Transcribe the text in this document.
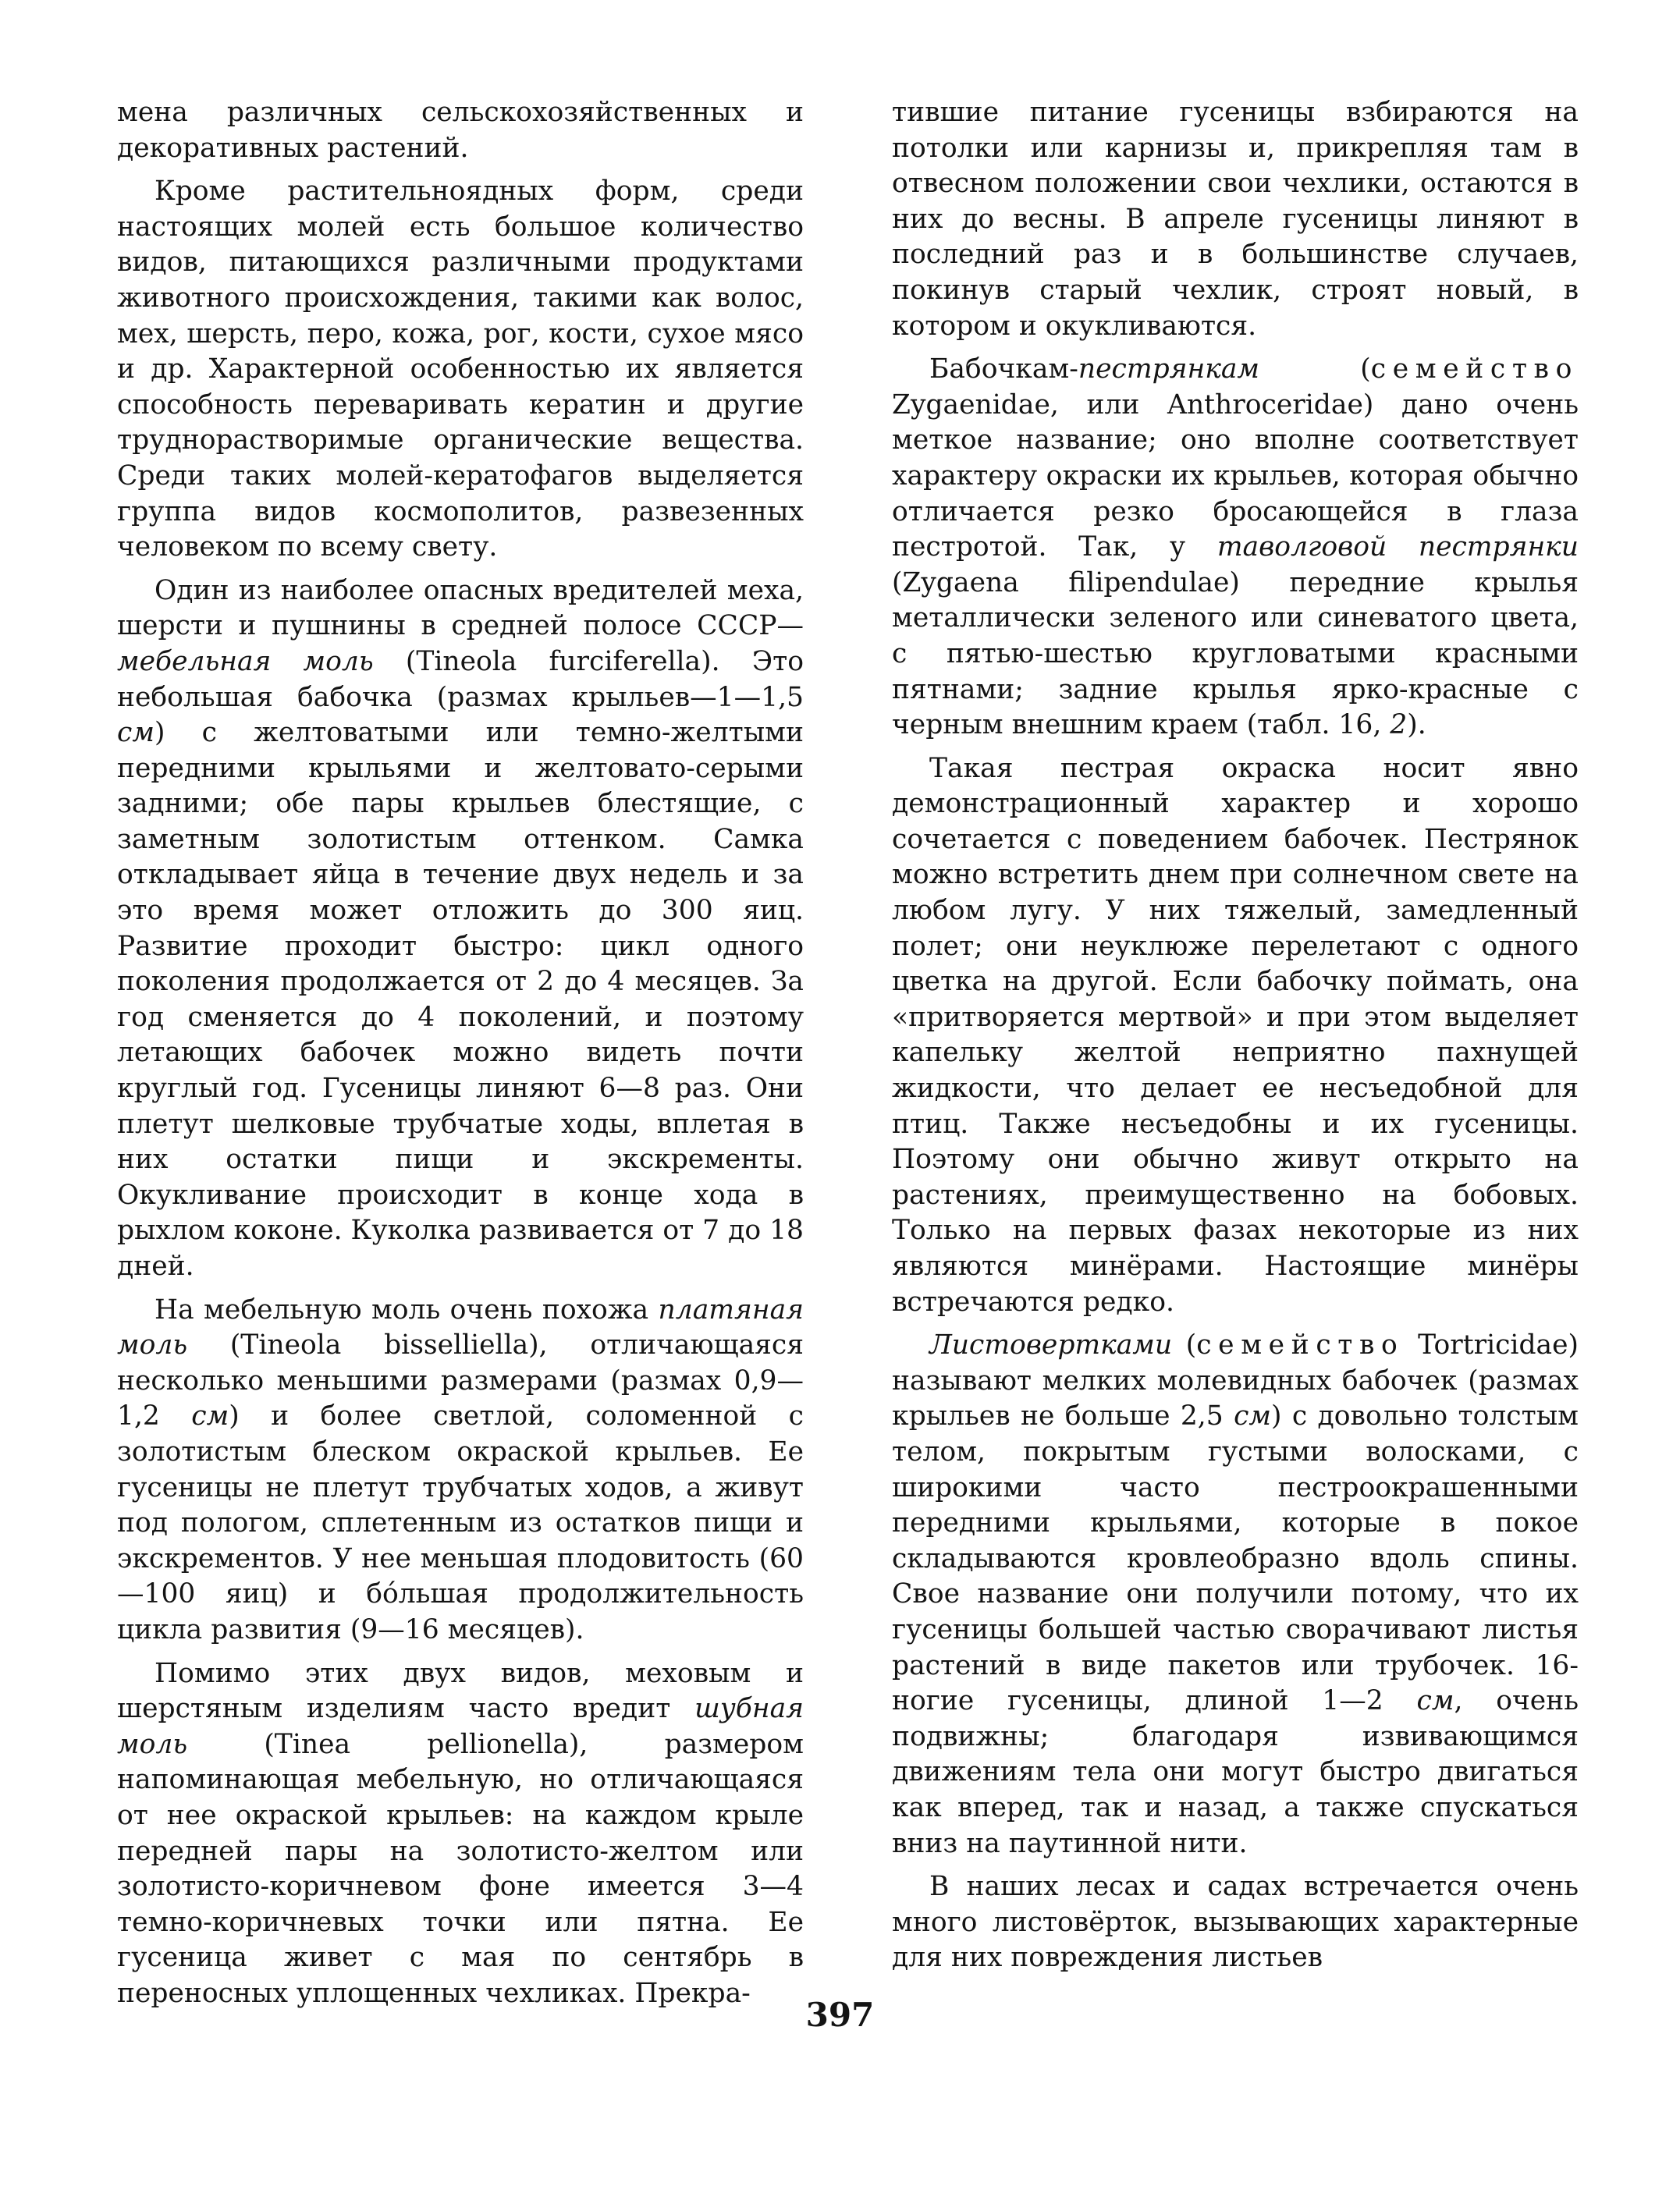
мена различных сельскохозяйственных и декоративных растений.

Кроме растительноядных форм, среди настоящих молей есть большое количество видов, питающихся различными продуктами животного происхождения, такими как волос, мех, шерсть, перо, кожа, рог, кости, сухое мясо и др. Характерной особенностью их является способность переваривать кератин и другие труднорастворимые органические вещества. Среди таких молей-кератофагов выделяется группа видов космополитов, развезенных человеком по всему свету.

Один из наиболее опасных вредителей меха, шерсти и пушнины в средней полосе СССР—мебельная моль (Tineola furciferella). Это небольшая бабочка (размах крыльев—1—1,5 см) с желтоватыми или темно-желтыми передними крыльями и желтовато-серыми задними; обе пары крыльев блестящие, с заметным золотистым оттенком. Самка откладывает яйца в течение двух недель и за это время может отложить до 300 яиц. Развитие проходит быстро: цикл одного поколения продолжается от 2 до 4 месяцев. За год сменяется до 4 поколений, и поэтому летающих бабочек можно видеть почти круглый год. Гусеницы линяют 6—8 раз. Они плетут шелковые трубчатые ходы, вплетая в них остатки пищи и экскременты. Окукливание происходит в конце хода в рыхлом коконе. Куколка развивается от 7 до 18 дней.

На мебельную моль очень похожа платяная моль (Tineola bisselliella), отличающаяся несколько меньшими размерами (размах 0,9—1,2 см) и более светлой, соломенной с золотистым блеском окраской крыльев. Ее гусеницы не плетут трубчатых ходов, а живут под пологом, сплетенным из остатков пищи и экскрементов. У нее меньшая плодовитость (60—100 яиц) и бо́льшая продолжительность цикла развития (9—16 месяцев).

Помимо этих двух видов, меховым и шерстяным изделиям часто вредит шубная моль (Tinea pellionella), размером напоминающая мебельную, но отличающаяся от нее окраской крыльев: на каждом крыле передней пары на золотисто-желтом или золотисто-коричневом фоне имеется 3—4 темно-коричневых точки или пятна. Ее гусеница живет с мая по сентябрь в переносных уплощенных чехликах. Прекра-

тившие питание гусеницы взбираются на потолки или карнизы и, прикрепляя там в отвесном положении свои чехлики, остаются в них до весны. В апреле гусеницы линяют в последний раз и в большинстве случаев, покинув старый чехлик, строят новый, в котором и окукливаются.

Бабочкам-пестрянкам (семейство Zygaenidae, или Anthroceridae) дано очень меткое название; оно вполне соответствует характеру окраски их крыльев, которая обычно отличается резко бросающейся в глаза пестротой. Так, у таволговой пестрянки (Zygaena filipendulae) передние крылья металлически зеленого или синеватого цвета, с пятью-шестью кругловатыми красными пятнами; задние крылья ярко-красные с черным внешним краем (табл. 16, 2).

Такая пестрая окраска носит явно демонстрационный характер и хорошо сочетается с поведением бабочек. Пестрянок можно встретить днем при солнечном свете на любом лугу. У них тяжелый, замедленный полет; они неуклюже перелетают с одного цветка на другой. Если бабочку поймать, она «притворяется мертвой» и при этом выделяет капельку желтой неприятно пахнущей жидкости, что делает ее несъедобной для птиц. Также несъедобны и их гусеницы. Поэтому они обычно живут открыто на растениях, преимущественно на бобовых. Только на первых фазах некоторые из них являются минёрами. Настоящие минёры встречаются редко.

Листовертками (семейство Tortricidae) называют мелких молевидных бабочек (размах крыльев не больше 2,5 см) с довольно толстым телом, покрытым густыми волосками, с широкими часто пестроокрашенными передними крыльями, которые в покое складываются кровлеобразно вдоль спины. Свое название они получили потому, что их гусеницы большей частью сворачивают листья растений в виде пакетов или трубочек. 16-ногие гусеницы, длиной 1—2 см, очень подвижны; благодаря извивающимся движениям тела они могут быстро двигаться как вперед, так и назад, а также спускаться вниз на паутинной нити.

В наших лесах и садах встречается очень много листовёрток, вызывающих характерные для них повреждения листьев

397
